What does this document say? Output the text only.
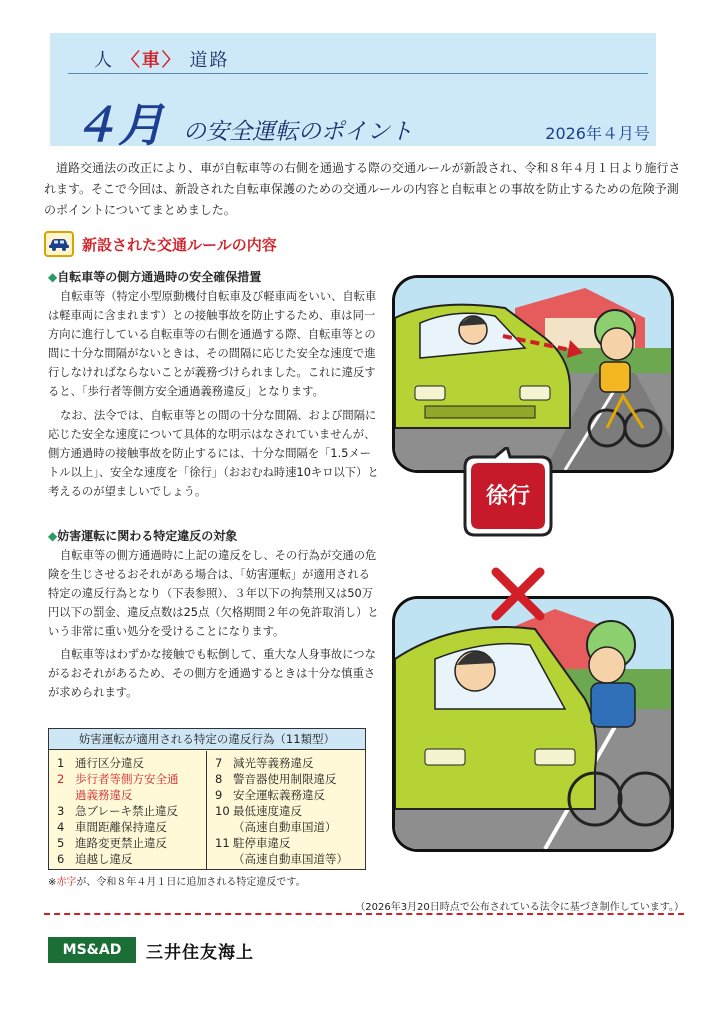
人 〈車〉 道路
４月 の安全運転のポイント	2026年４月号

道路交通法の改正により、車が自転車等の右側を通過する際の交通ルールが新設され、令和８年４月１日より施行されます。そこで今回は、新設された自転車保護のための交通ルールの内容と自転車との事故を防止するための危険予測のポイントについてまとめました。

新設された交通ルールの内容
◆自転車等の側方通過時の安全確保措置

自転車等（特定小型原動機付自転車及び軽車両をいい、自転車は軽車両に含まれます）との接触事故を防止するため、車は同一方向に進行している自転車等の右側を通過する際、自転車等との間に十分な間隔がないときは、その間隔に応じた安全な速度で進行しなければならないことが義務づけられました。これに違反すると、「歩行者等側方安全通過義務違反」となります。

なお、法令では、自転車等との間の十分な間隔、および間隔に応じた安全な速度について具体的な明示はなされていませんが、側方通過時の接触事故を防止するには、十分な間隔を「1.5メートル以上」、安全な速度を「徐行」（おおむね時速10キロ以下）と考えるのが望ましいでしょう。

◆妨害運転に関わる特定違反の対象

自転車等の側方通過時に上記の違反をし、その行為が交通の危険を生じさせるおそれがある場合は、「妨害運転」が適用される特定の違反行為となり（下表参照）、３年以下の拘禁刑又は50万円以下の罰金、違反点数は25点（欠格期間２年の免許取消し）という非常に重い処分を受けることになります。

自転車等はわずかな接触でも転倒して、重大な人身事故につながるおそれがあるため、その側方を通過するときは十分な慎重さが求められます。

徐行
妨害運転が適用される特定の違反行為（11類型）
1 通行区分違反
2 歩行者等側方安全通
過義務違反
3 急ブレーキ禁止違反
4 車間距離保持違反
5 進路変更禁止違反
6 追越し違反
7 減光等義務違反
8 警音器使用制限違反
9 安全運転義務違反
10 最低速度違反
（高速自動車国道）
11 駐停車違反
（高速自動車国道等）
※赤字が、令和８年４月１日に追加される特定違反です。
（2026年3月20日時点で公布されている法令に基づき制作しています。）
MS&AD	三井住友海上
